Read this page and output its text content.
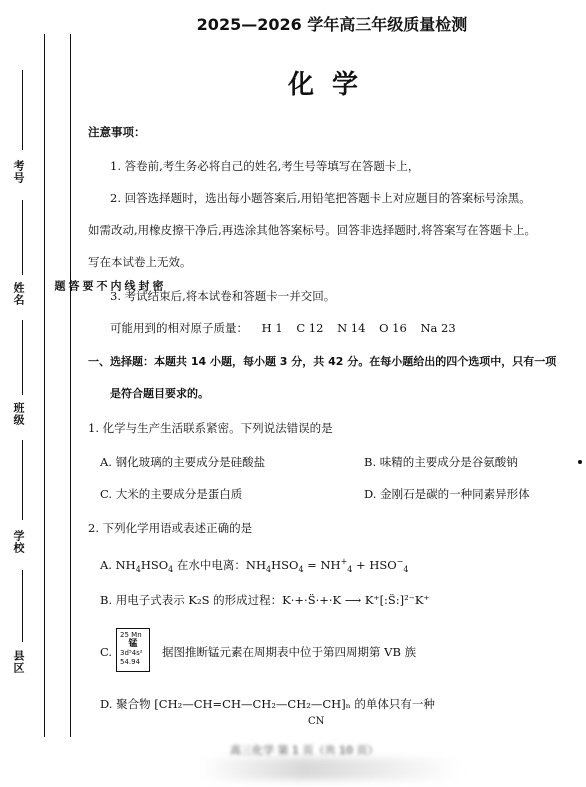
考号
姓名
班级
学校
县区
密
封
线
内
不
要
答
题
2025—2026 学年高三年级质量检测
化学
注意事项：
1. 答卷前,考生务必将自己的姓名,考生号等填写在答题卡上，
2. 回答选择题时，选出每小题答案后,用铅笔把答题卡上对应题目的答案标号涂黑。
如需改动,用橡皮擦干净后,再选涂其他答案标号。回答非选择题时,将答案写在答题卡上。
写在本试卷上无效。
3. 考试结束后,将本试卷和答题卡一并交回。
可能用到的相对原子质量： H 1 C 12 N 14 O 16 Na 23
一、选择题：本题共 14 小题，每小题 3 分，共 42 分。在每小题给出的四个选项中，只有一项
是符合题目要求的。
1. 化学与生产生活联系紧密。下列说法错误的是
A. 钢化玻璃的主要成分是硅酸盐	B. 味精的主要成分是谷氨酸钠
C. 大米的主要成分是蛋白质	D. 金刚石是碳的一种同素异形体
2. 下列化学用语或表述正确的是
A. $NH_4HSO_4$ 在水中电离：$NH_4HSO_4 = NH^+_4 + HSO^-_4$
B. 用电子式表示 K₂S 的形成过程：K·+·S̈·+·K ⟶ K⁺[:S̈:]²⁻K⁺
C.
25 Mn
锰
3d⁵4s²
54.94
据图推断锰元素在周期表中位于第四周期第 VB 族
D. 聚合物 [CH₂—CH=CH—CH₂—CH₂—CH]ₙ 的单体只有一种
CN
高三化学 第 1 页（共 10 页）
